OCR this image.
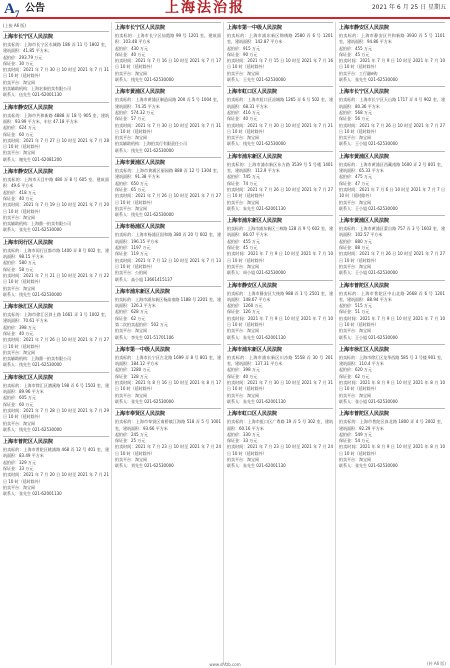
$A_7$ 公告	上海法治报	2021 年 6 月 25 日 星期五
(上接 A6 版)
上海市长宁区人民法院
拍卖标的：上海市长宁区水城路 186 弄 11 号 1802 室，建筑面积：41.85 平方米；
起拍价：293.79 万元
保证金：30 万元
拍卖时间：2021 年 7 月 30 日 10 时至 2021 年 7 月 31 日 10 时（延时除外）
拍卖平台：淘宝网
拍卖辅助机构：上海宏泰拍卖有限公司
联系人：伍先生 021-62001130
上海市静安区人民法院
拍卖标的：上海市共和新路 4888 弄 18 号 905 室，建筑面积：93.99 平方米，车位 47.18 平方米
起拍价：624 万元
保证金：60 万元
拍卖时间：2021 年 7 月 27 日 10 时至 2021 年 7 月 28 日 10 时（延时除外）
拍卖平台：淘宝网
联系人：谢先生 021-62081200
上海市静安区人民法院
拍卖标的：上海市天目中路 480 弄 8 号 605 室，建筑面积：49.6 平方米
起拍价：418 万元
保证金：40 万元
拍卖时间：2021 年 7 月 19 日 10 时至 2021 年 7 月 20 日 10 时（延时除外）
拍卖平台：淘宝网
拍卖辅助机构：上海鼎一拍卖有限公司
联系人：张先生 021-62530000
上海市闵行区人民法院
拍卖标的：上海市闵行区都市路 1400 弄 8 号 602 室，建筑面积：98.15 平方米
起拍价：580 万元
保证金：58 万元
拍卖时间：2021 年 7 月 21 日 10 时至 2021 年 7 月 22 日 10 时（延时除外）
拍卖平台：淘宝网
联系人：钱先生 021-62530000
上海市徐汇区人民法院
拍卖标的：上海市徐汇区斜土路 1661 弄 3 号 1002 室，建筑面积：70.61 平方米
起拍价：398 万元
保证金：40 万元
拍卖时间：2021 年 7 月 26 日 10 时至 2021 年 7 月 27 日 10 时（延时除外）
拍卖平台：淘宝网
拍卖辅助机构：上海鼎一拍卖有限公司
联系人：钱先生 021-62530000
上海市徐汇区人民法院
拍卖标的：上海市徐汇区漕溪路 198 弄 6 号 1503 室，建筑面积：89.96 平方米
起拍价：605 万元
保证金：60 万元
拍卖时间：2021 年 7 月 28 日 10 时至 2021 年 7 月 29 日 10 时（延时除外）
拍卖平台：淘宝网
联系人：钱先生 021-62530000
上海市普陀区人民法院
拍卖标的：上海市普陀区桃浦路 468 弄 12 号 401 室，建筑面积：83.49 平方米
起拍价：329 万元
保证金：33 万元
拍卖时间：2021 年 7 月 20 日 10 时至 2021 年 7 月 21 日 10 时（延时除外）
拍卖平台：淘宝网
联系人：张先生 021-62001130
上海市长宁区人民法院
拍卖标的：上海市长宁区仙霞路 99 号 1201 室，建筑面积：103.48 平方米
起拍价：430 万元
保证金：40 万元
拍卖时间：2021 年 7 月 16 日 10 时至 2021 年 7 月 17 日 10 时（延时除外）
拍卖平台：淘宝网
联系人：钱先生 021-62530000
上海市黄浦区人民法院
拍卖标的：上海市黄浦区制造局路 200 弄 5 号 1004 室，建筑面积：74.35 平方米
起拍价：574.32 万元
保证金：57 万元
拍卖时间：2021 年 7 月 30 日 10 时至 2021 年 7 月 31 日 10 时（延时除外）
拍卖平台：淘宝网
拍卖辅助机构：上海拍卖行有限责任公司
联系人：钱先生 021-62530000
上海市黄浦区人民法院
拍卖标的：上海市黄浦区丽园路 888 弄 12 号 1304 室，建筑面积：91.38 平方米
起拍价：650 万元
保证金：65 万元
拍卖时间：2021 年 7 月 26 日 10 时至 2021 年 7 月 27 日 10 时（延时除外）
拍卖平台：淘宝网
联系人：钱先生 021-62530000
上海市杨浦区人民法院
拍卖标的：上海市杨浦区国和路 380 弄 20 号 602 室，建筑面积：196.15 平方米
起拍价：1197 万元
保证金：119 万元
拍卖时间：2021 年 7 月 12 日 10 时至 2021 年 7 月 13 日 10 时（延时除外）
拍卖平台：公拍网
联系人：高小姐 13661415137
上海市浦东新区人民法院
拍卖标的：上海市浦东新区杨高南路 1188 号 2201 室，建筑面积：126.3 平方米
起拍价：628 万元
保证金：62 万元
第二次拍卖起拍价：502 万元
拍卖平台：淘宝网
联系人：李先生 021-51701106
上海市第一中级人民法院
拍卖标的：上海市长宁区古北路 1699 弄 8 号 801 室，建筑面积：184.12 平方米
起拍价：1280 万元
保证金：128 万元
拍卖时间：2021 年 8 月 16 日 10 时至 2021 年 8 月 17 日 10 时（延时除外）
拍卖平台：淘宝网
联系人：张先生 021-62530000
上海市奉贤区人民法院
拍卖标的：上海市奉贤区南桥镇江海路 518 弄 5 号 1001 室，建筑面积：93.66 平方米
起拍价：245 万元
保证金：25 万元
拍卖时间：2021 年 7 月 23 日 10 时至 2021 年 7 月 24 日 10 时（延时除外）
拍卖平台：淘宝网
联系人：刘先生 021-62530000
上海市第一中级人民法院
拍卖标的：上海市浦东新区锦绣路 2580 弄 6 号 1201 室，建筑面积：142.87 平方米
起拍价：915 万元
保证金：90 万元
拍卖时间：2021 年 7 月 15 日 10 时至 2021 年 7 月 16 日 10 时（延时除外）
拍卖平台：淘宝网
联系人：王先生 021-62530000
上海市虹口区人民法院
拍卖标的：上海市虹口区凉城路 1265 弄 6 号 502 室，建筑面积：68.31 平方米
起拍价：416 万元
保证金：40 万元
拍卖时间：2021 年 7 月 20 日 10 时至 2021 年 7 月 21 日 10 时（延时除外）
拍卖平台：淘宝网
联系人：钱先生 021-62530000
上海市浦东新区人民法院
拍卖标的：上海市浦东新区东方路 3539 号 5 号楼 1401 室，建筑面积：112.9 平方米
起拍价：745 万元
保证金：74 万元
拍卖时间：2021 年 7 月 26 日 10 时至 2021 年 7 月 27 日 10 时（延时除外）
拍卖平台：淘宝网
联系人：朱先生 021-62001130
上海市浦东新区人民法院
拍卖标的：上海市浦东新区三林路 128 弄 9 号 602 室，建筑面积：86.07 平方米
起拍价：455 万元
保证金：45 万元
拍卖时间：2021 年 7 月 9 日 10 时至 2021 年 7 月 10 日 10 时（延时除外）
拍卖平台：淘宝网
联系人：周小姐 021-62530000
上海市静安区人民法院
拍卖标的：上海市静安区大统路 988 弄 1 号 2501 室，建筑面积：148.67 平方米
起拍价：1260 万元
保证金：126 万元
拍卖时间：2021 年 7 月 9 日 10 时至 2021 年 7 月 10 日 10 时（延时除外）
拍卖平台：淘宝网
联系人：朱先生 021-62001130
上海市浦东新区人民法院
拍卖标的：上海市浦东新区川沙路 5558 弄 30 号 201 室，建筑面积：137.31 平方米
起拍价：398 万元
保证金：40 万元
拍卖时间：2021 年 7 月 30 日 10 时至 2021 年 7 月 31 日 10 时（延时除外）
拍卖平台：淘宝网
联系人：朱先生 021-62001130
上海市虹口区人民法院
拍卖标的：上海市虹口区广粤路 19 弄 5 号 302 室，建筑面积：60.16 平方米
起拍价：330 万元
保证金：33 万元
拍卖时间：2021 年 7 月 23 日 10 时至 2021 年 7 月 24 日 10 时（延时除外）
拍卖平台：淘宝网
联系人：朱先生 021-62001130
上海市静安区人民法院
拍卖标的：上海市静安区共和新路 3930 弄 5 号 1101 室，建筑面积：94.86 平方米
起拍价：455 万元
保证金：45 万元
拍卖时间：2021 年 7 月 9 日 10 时至 2021 年 7 月 10 日 10 时（延时除外）
拍卖平台：工行融e购
联系人：张先生 021-62530000
上海市长宁区人民法院
拍卖标的：上海市长宁区天山路 1717 弄 4 号 902 室，建筑面积：80.36 平方米
起拍价：568 万元
保证金：56 万元
拍卖时间：2021 年 7 月 26 日 10 时至 2021 年 7 月 27 日 10 时（延时除外）
拍卖平台：淘宝网
联系人：王小姐 021-62530000
上海市黄浦区人民法院
拍卖标的：上海市黄浦区西藏南路 1600 弄 2 号 801 室，建筑面积：65.33 平方米
起拍价：475 万元
保证金：47 万元
拍卖时间：2021 年 7 月 6 日 10 时至 2021 年 7 月 7 日 10 时（延时除外）
拍卖平台：淘宝网
联系人：王小姐 021-62530000
上海市黄浦区人民法院
拍卖标的：上海市黄浦区蒙自路 757 弄 3 号 1603 室，建筑面积：102.57 平方米
起拍价：880 万元
保证金：88 万元
拍卖时间：2021 年 7 月 26 日 10 时至 2021 年 7 月 27 日 10 时（延时除外）
拍卖平台：淘宝网
联系人：王小姐 021-62530000
上海市普陀区人民法院
拍卖标的：上海市普陀区中山北路 2668 弄 6 号 1201 室，建筑面积：88.94 平方米
起拍价：515 万元
保证金：51 万元
拍卖时间：2021 年 7 月 9 日 10 时至 2021 年 7 月 10 日 10 时（延时除外）
拍卖平台：淘宝网
联系人：王小姐 021-62530000
上海市徐汇区人民法院
拍卖标的：上海市徐汇区龙华西路 585 号 3 号楼 901 室，建筑面积：110.4 平方米
起拍价：620 万元
保证金：62 万元
拍卖时间：2021 年 8 月 9 日 10 时至 2021 年 8 月 10 日 10 时（延时除外）
拍卖平台：淘宝网
联系人：张小姐 021-62530000
上海市普陀区人民法院
拍卖标的：上海市普陀区真北路 1800 弄 4 号 2002 室，建筑面积：92.29 平方米
起拍价：549 万元
保证金：54 万元
拍卖时间：2021 年 8 月 9 日 10 时至 2021 年 8 月 10 日 10 时（延时除外）
拍卖平台：淘宝网
联系人：张先生 021-62530000
www.shfzb.com	(转 A6 版)
